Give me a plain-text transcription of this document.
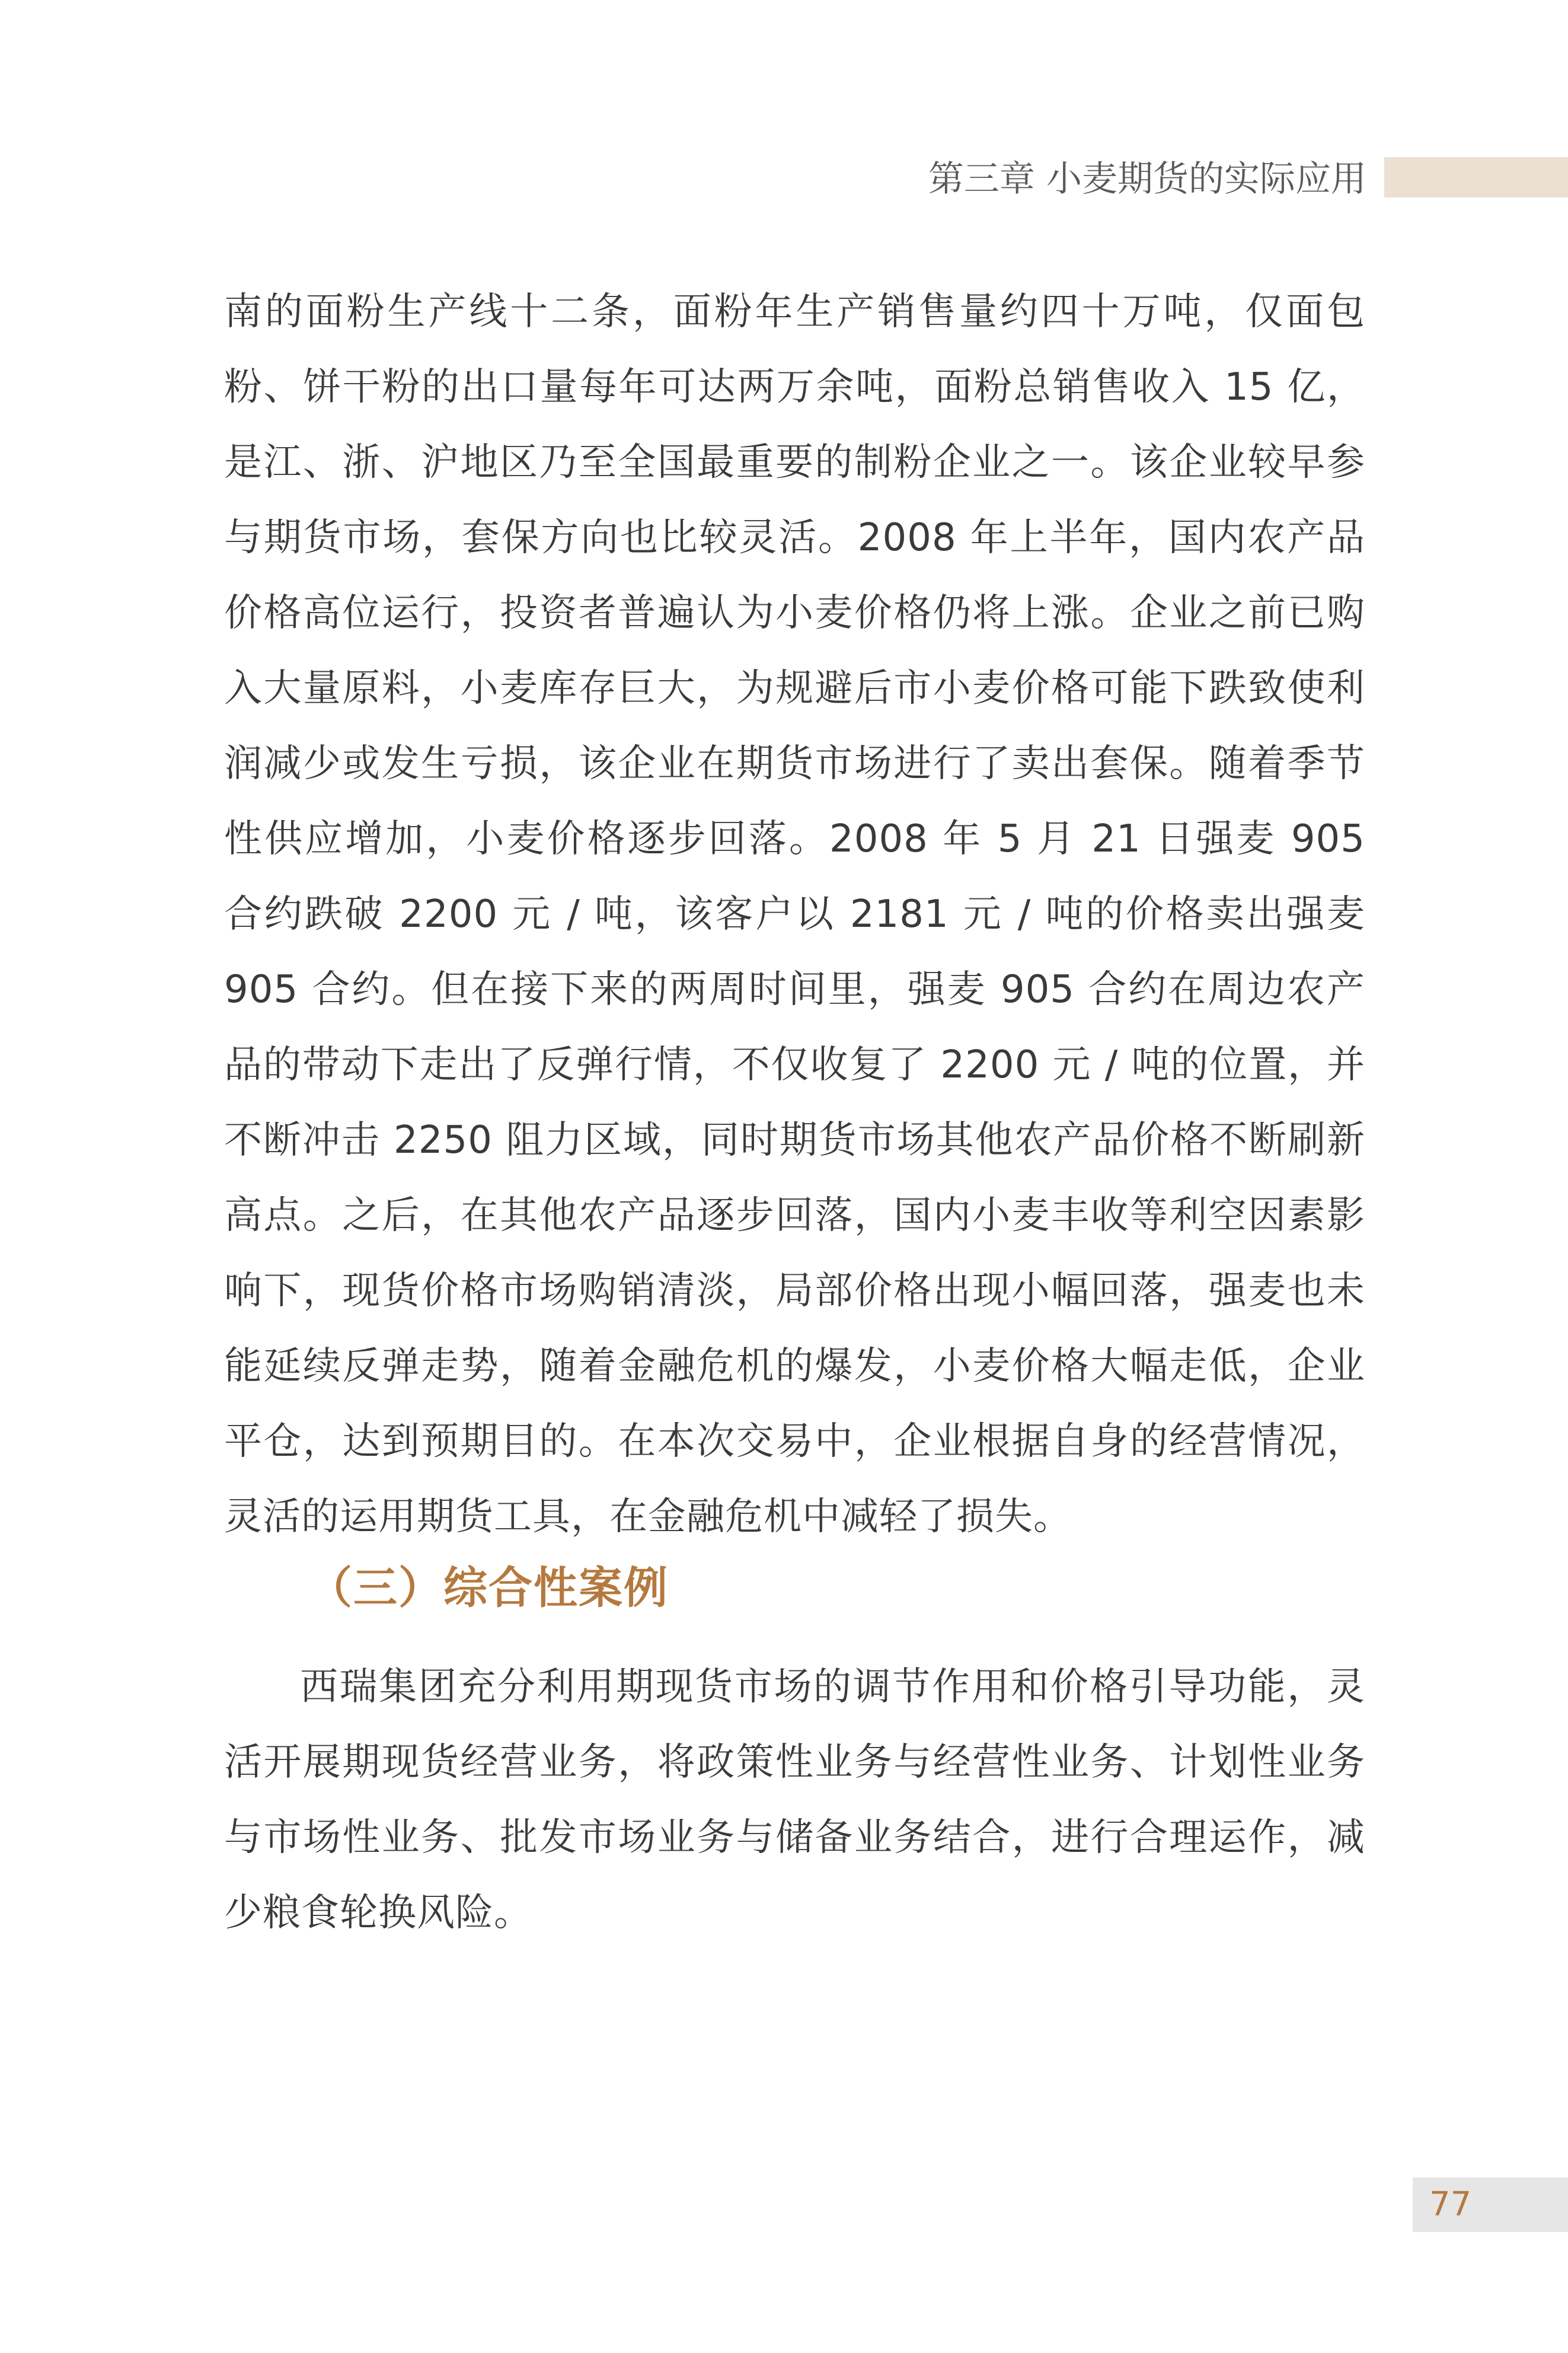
第三章 小麦期货的实际应用
南的面粉生产线十二条，面粉年生产销售量约四十万吨，仅面包粉、饼干粉的出口量每年可达两万余吨，面粉总销售收入 15 亿，是江、浙、沪地区乃至全国最重要的制粉企业之一。该企业较早参与期货市场，套保方向也比较灵活。2008 年上半年，国内农产品价格高位运行，投资者普遍认为小麦价格仍将上涨。企业之前已购入大量原料，小麦库存巨大，为规避后市小麦价格可能下跌致使利润减少或发生亏损，该企业在期货市场进行了卖出套保。随着季节性供应增加，小麦价格逐步回落。2008 年 5 月 21 日强麦 905 合约跌破 2200 元 / 吨，该客户以 2181 元 / 吨的价格卖出强麦 905 合约。但在接下来的两周时间里，强麦 905 合约在周边农产品的带动下走出了反弹行情，不仅收复了 2200 元 / 吨的位置，并不断冲击 2250 阻力区域，同时期货市场其他农产品价格不断刷新高点。之后，在其他农产品逐步回落，国内小麦丰收等利空因素影响下，现货价格市场购销清淡，局部价格出现小幅回落，强麦也未能延续反弹走势，随着金融危机的爆发，小麦价格大幅走低，企业平仓，达到预期目的。在本次交易中，企业根据自身的经营情况，灵活的运用期货工具，在金融危机中减轻了损失。
（三）综合性案例
西瑞集团充分利用期现货市场的调节作用和价格引导功能，灵活开展期现货经营业务，将政策性业务与经营性业务、计划性业务与市场性业务、批发市场业务与储备业务结合，进行合理运作，减少粮食轮换风险。
77
